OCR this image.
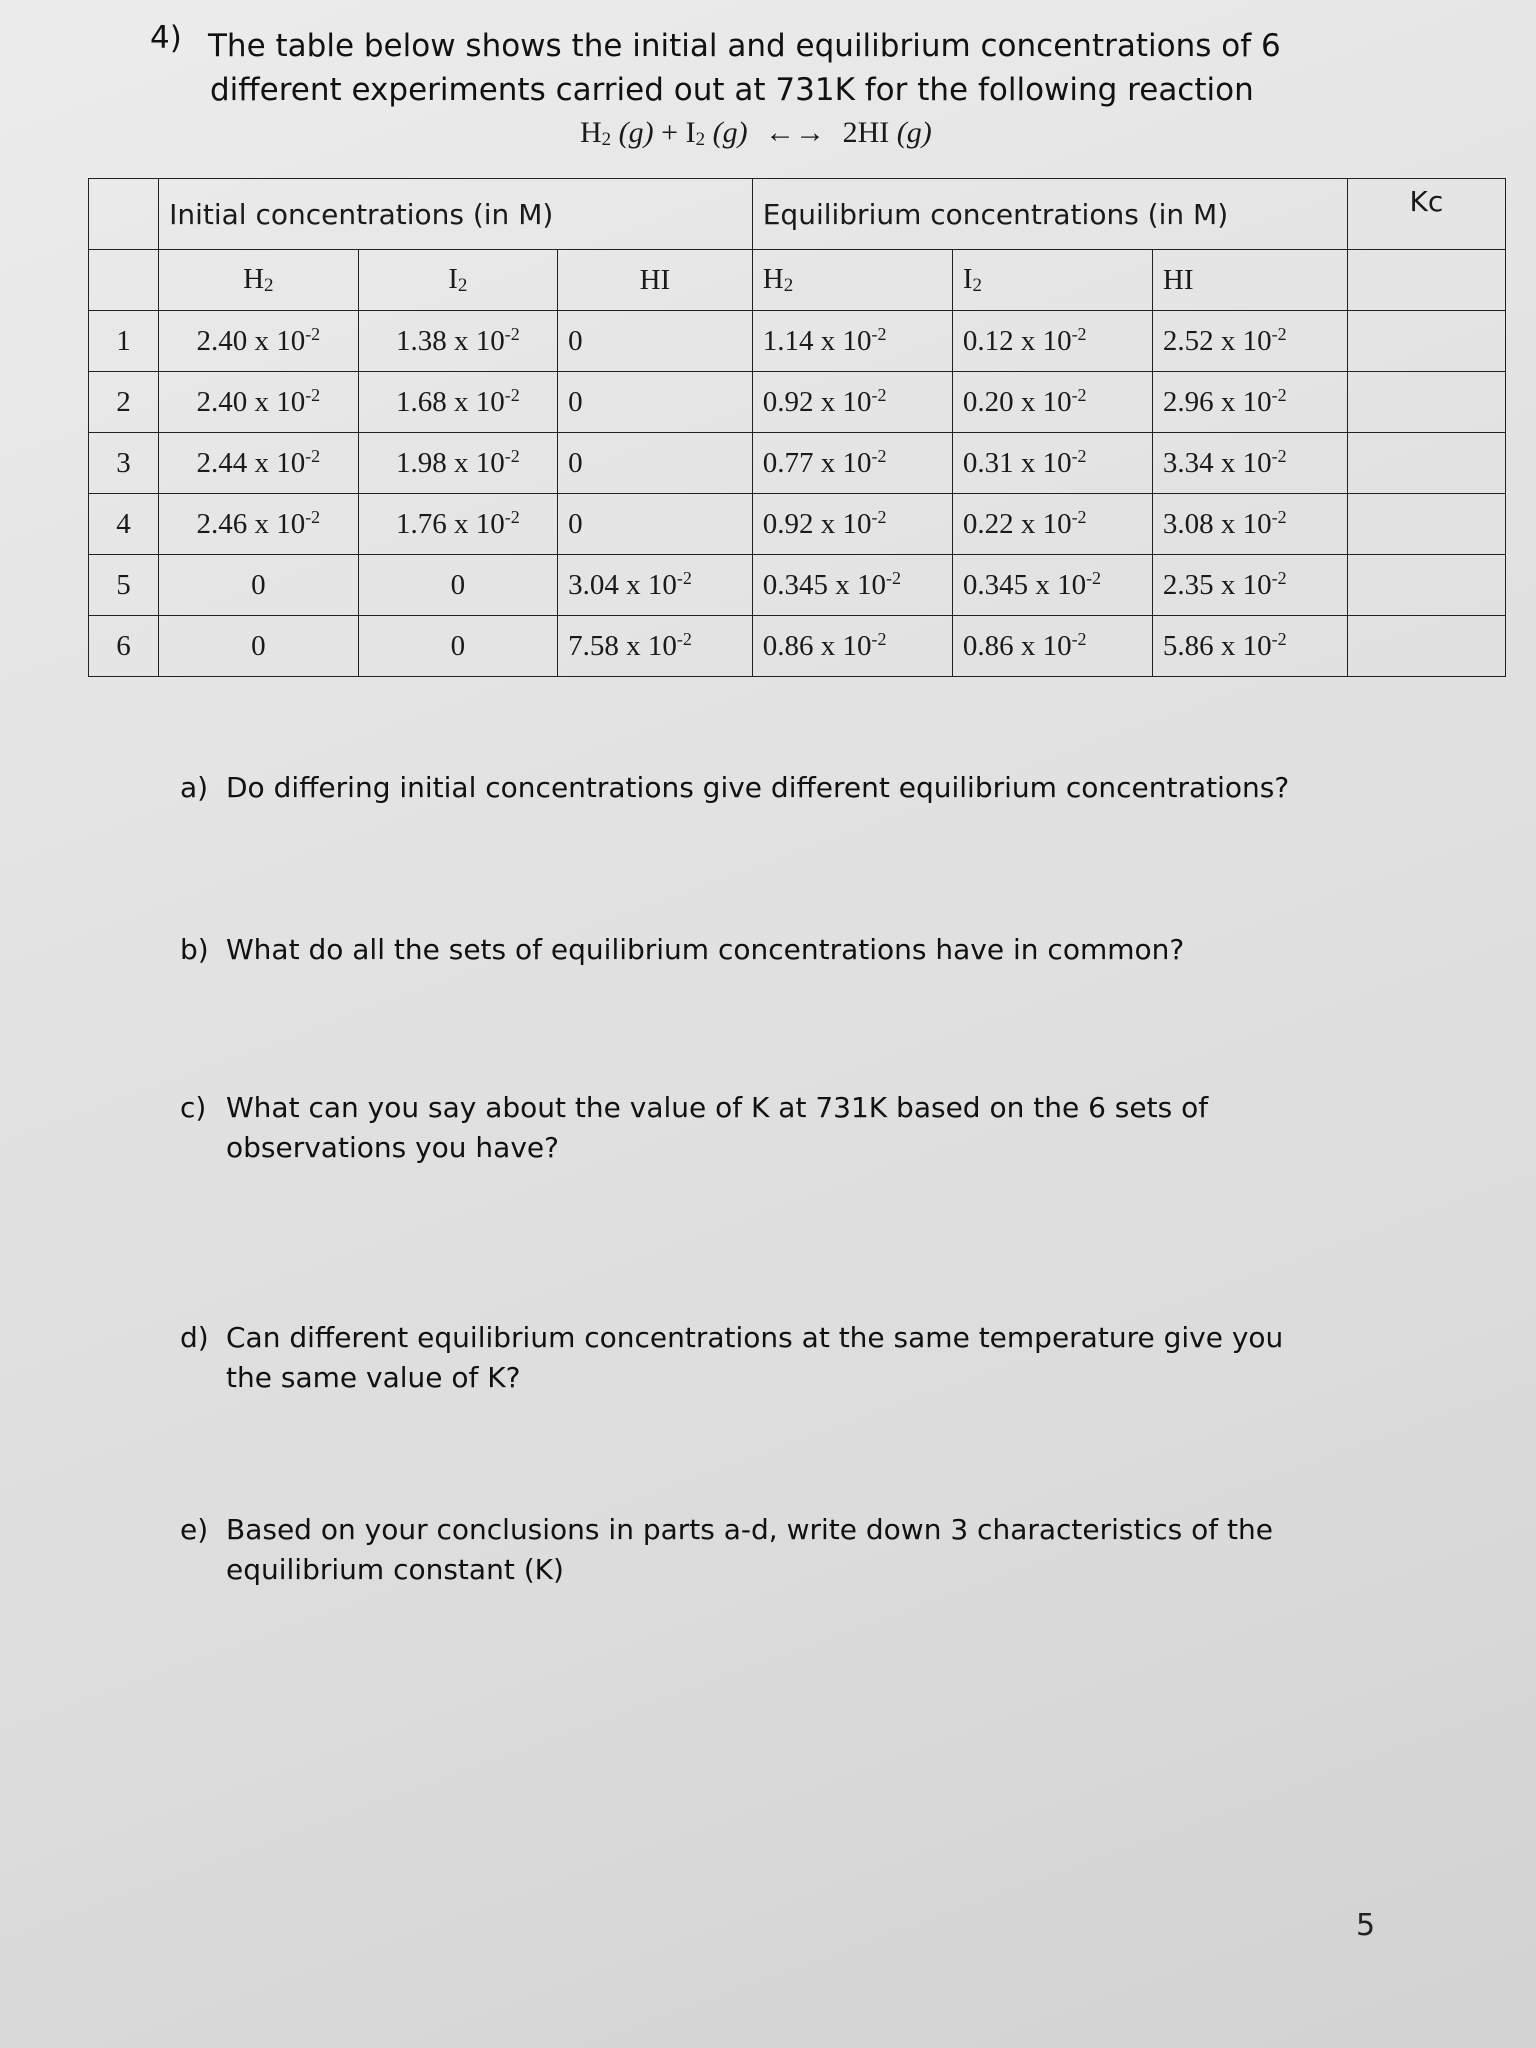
4) The table below shows the initial and equilibrium concentrations of 6
different experiments carried out at 731K for the following reaction
H2 (g) + I2 (g) ←→ 2HI (g)
	Initial concentrations (in M)			Equilibrium concentrations (in M)			Kc
	H2	I2	HI	H2	I2	HI	
1	2.40 x $10^{-2}$	1.38 x $10^{-2}$	0	1.14 x $10^{-2}$	0.12 x $10^{-2}$	2.52 x $10^{-2}$	
2	2.40 x $10^{-2}$	1.68 x $10^{-2}$	0	0.92 x $10^{-2}$	0.20 x $10^{-2}$	2.96 x $10^{-2}$	
3	2.44 x $10^{-2}$	1.98 x $10^{-2}$	0	0.77 x $10^{-2}$	0.31 x $10^{-2}$	3.34 x $10^{-2}$	
4	2.46 x $10^{-2}$	1.76 x $10^{-2}$	0	0.92 x $10^{-2}$	0.22 x $10^{-2}$	3.08 x $10^{-2}$	
5	0	0	3.04 x $10^{-2}$	0.345 x $10^{-2}$	0.345 x $10^{-2}$	2.35 x $10^{-2}$	
6	0	0	7.58 x $10^{-2}$	0.86 x $10^{-2}$	0.86 x $10^{-2}$	5.86 x $10^{-2}$	
a) Do differing initial concentrations give different equilibrium concentrations?
b) What do all the sets of equilibrium concentrations have in common?
c) What can you say about the value of K at 731K based on the 6 sets of
observations you have?
d) Can different equilibrium concentrations at the same temperature give you
the same value of K?
e) Based on your conclusions in parts a-d, write down 3 characteristics of the
equilibrium constant (K)
5
